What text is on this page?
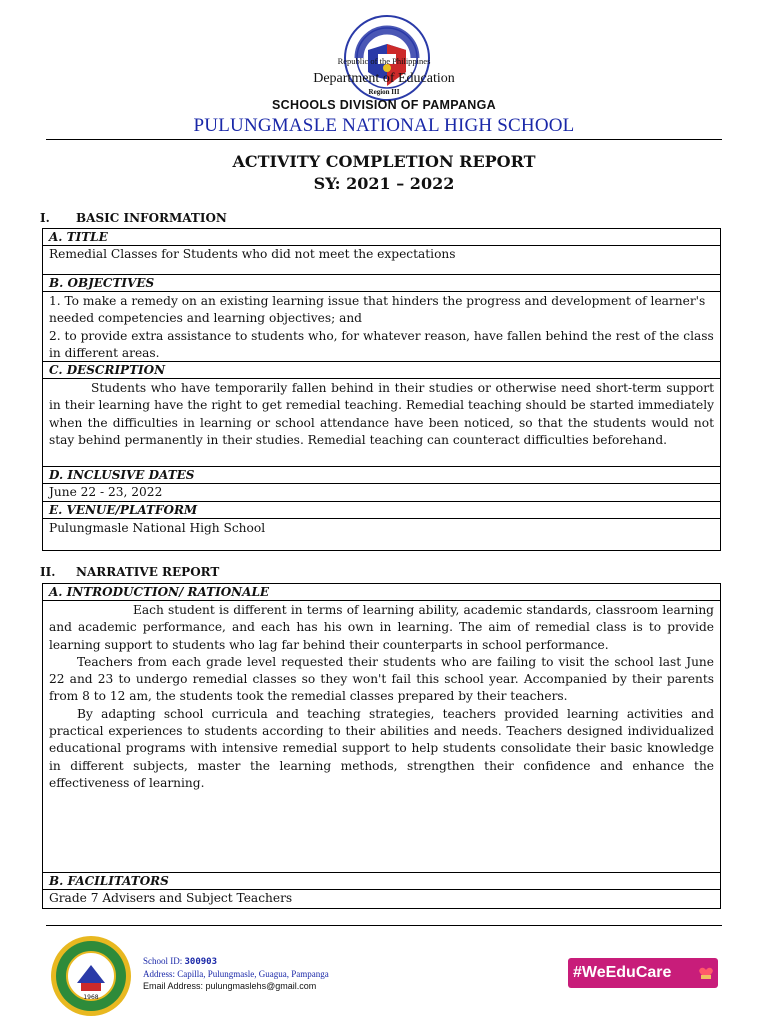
Republic of the Philippines
Department of Education
Region III
SCHOOLS DIVISION OF PAMPANGA
PULUNGMASLE NATIONAL HIGH SCHOOL
ACTIVITY COMPLETION REPORT
SY: 2021 – 2022
I. BASIC INFORMATION
A. TITLE
Remedial Classes for Students who did not meet the expectations
B. OBJECTIVES
1. To make a remedy on an existing learning issue that hinders the progress and development of learner's needed competencies and learning objectives; and
2. to provide extra assistance to students who, for whatever reason, have fallen behind the rest of the class in different areas.
C. DESCRIPTION
Students who have temporarily fallen behind in their studies or otherwise need short-term support in their learning have the right to get remedial teaching. Remedial teaching should be started immediately when the difficulties in learning or school attendance have been noticed, so that the students would not stay behind permanently in their studies. Remedial teaching can counteract difficulties beforehand.
D. INCLUSIVE DATES
June 22 - 23, 2022
E. VENUE/PLATFORM
Pulungmasle National High School
II. NARRATIVE REPORT
A. INTRODUCTION/ RATIONALE

Each student is different in terms of learning ability, academic standards, classroom learning and academic performance, and each has his own in learning. The aim of remedial class is to provide learning support to students who lag far behind their counterparts in school performance.

Teachers from each grade level requested their students who are failing to visit the school last June 22 and 23 to undergo remedial classes so they won't fail this school year. Accompanied by their parents from 8 to 12 am, the students took the remedial classes prepared by their teachers.

By adapting school curricula and teaching strategies, teachers provided learning activities and practical experiences to students according to their abilities and needs. Teachers designed individualized educational programs with intensive remedial support to help students consolidate their basic knowledge in different subjects, master the learning methods, strengthen their confidence and enhance the effectiveness of learning.

B. FACILITATORS
Grade 7 Advisers and Subject Teachers
1968
School ID: 300903
Address: Capilla, Pulungmasle, Guagua, Pampanga
Email Address: pulungmaslehs@gmail.com
#WeEduCare
